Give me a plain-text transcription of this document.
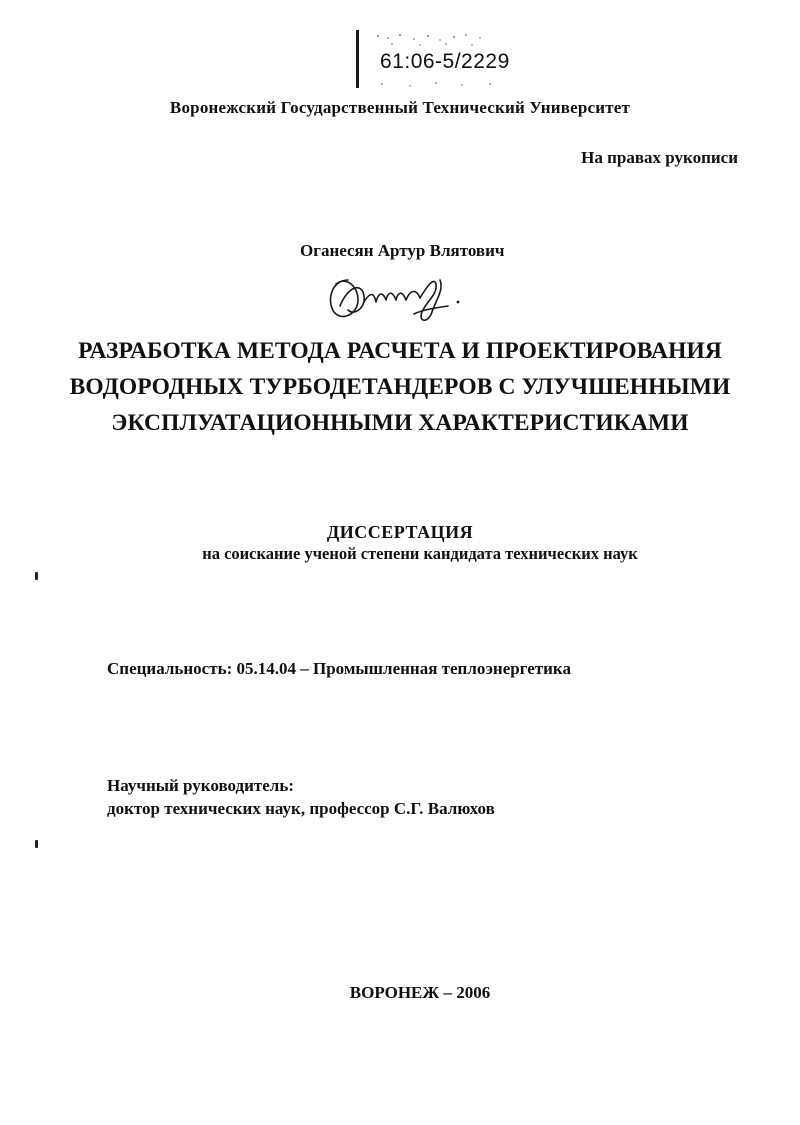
61:06-5/2229
Воронежский Государственный Технический Университет
На правах рукописи
Оганесян Артур Влятович
РАЗРАБОТКА МЕТОДА РАСЧЕТА И ПРОЕКТИРОВАНИЯ
ВОДОРОДНЫХ ТУРБОДЕТАНДЕРОВ С УЛУЧШЕННЫМИ
ЭКСПЛУАТАЦИОННЫМИ ХАРАКТЕРИСТИКАМИ
ДИССЕРТАЦИЯ
на соискание ученой степени кандидата технических наук
Специальность: 05.14.04 – Промышленная теплоэнергетика
Научный руководитель:
доктор технических наук, профессор С.Г. Валюхов
ВОРОНЕЖ – 2006
